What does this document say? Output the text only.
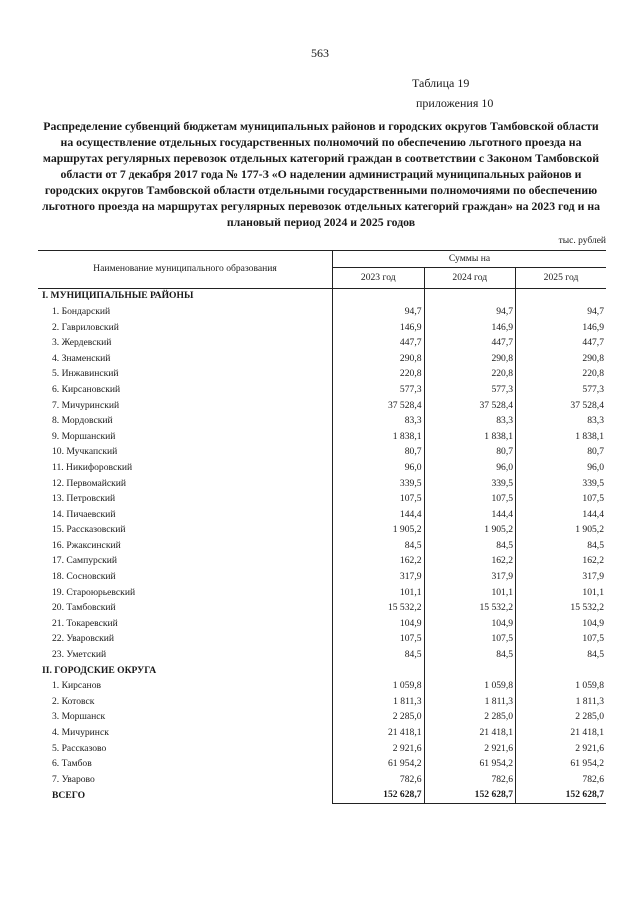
563
Таблица 19
приложения 10
Распределение субвенций бюджетам муниципальных районов и городских округов Тамбовской области на осуществление отдельных государственных полномочий по обеспечению льготного проезда на маршрутах регулярных перевозок отдельных категорий граждан в соответствии с Законом Тамбовской области от 7 декабря 2017 года № 177-З «О наделении администраций муниципальных районов и городских округов Тамбовской области отдельными государственными полномочиями по обеспечению льготного проезда на маршрутах регулярных перевозок отдельных категорий граждан» на 2023 год и на плановый период 2024 и 2025 годов
тыс. рублей
Наименование муниципального образования	Суммы на		
	2023 год	2024 год	2025 год
I. МУНИЦИПАЛЬНЫЕ РАЙОНЫ			
1. Бондарский	94,7	94,7	94,7
2. Гавриловский	146,9	146,9	146,9
3. Жердевский	447,7	447,7	447,7
4. Знаменский	290,8	290,8	290,8
5. Инжавинский	220,8	220,8	220,8
6. Кирсановский	577,3	577,3	577,3
7. Мичуринский	37 528,4	37 528,4	37 528,4
8. Мордовский	83,3	83,3	83,3
9. Моршанский	1 838,1	1 838,1	1 838,1
10. Мучкапский	80,7	80,7	80,7
11. Никифоровский	96,0	96,0	96,0
12. Первомайский	339,5	339,5	339,5
13. Петровский	107,5	107,5	107,5
14. Пичаевский	144,4	144,4	144,4
15. Рассказовский	1 905,2	1 905,2	1 905,2
16. Ржаксинский	84,5	84,5	84,5
17. Сампурский	162,2	162,2	162,2
18. Сосновский	317,9	317,9	317,9
19. Староюрьевский	101,1	101,1	101,1
20. Тамбовский	15 532,2	15 532,2	15 532,2
21. Токаревский	104,9	104,9	104,9
22. Уваровский	107,5	107,5	107,5
23. Уметский	84,5	84,5	84,5
II. ГОРОДСКИЕ ОКРУГА			
1. Кирсанов	1 059,8	1 059,8	1 059,8
2. Котовск	1 811,3	1 811,3	1 811,3
3. Моршанск	2 285,0	2 285,0	2 285,0
4. Мичуринск	21 418,1	21 418,1	21 418,1
5. Рассказово	2 921,6	2 921,6	2 921,6
6. Тамбов	61 954,2	61 954,2	61 954,2
7. Уварово	782,6	782,6	782,6
ВСЕГО	152 628,7	152 628,7	152 628,7
